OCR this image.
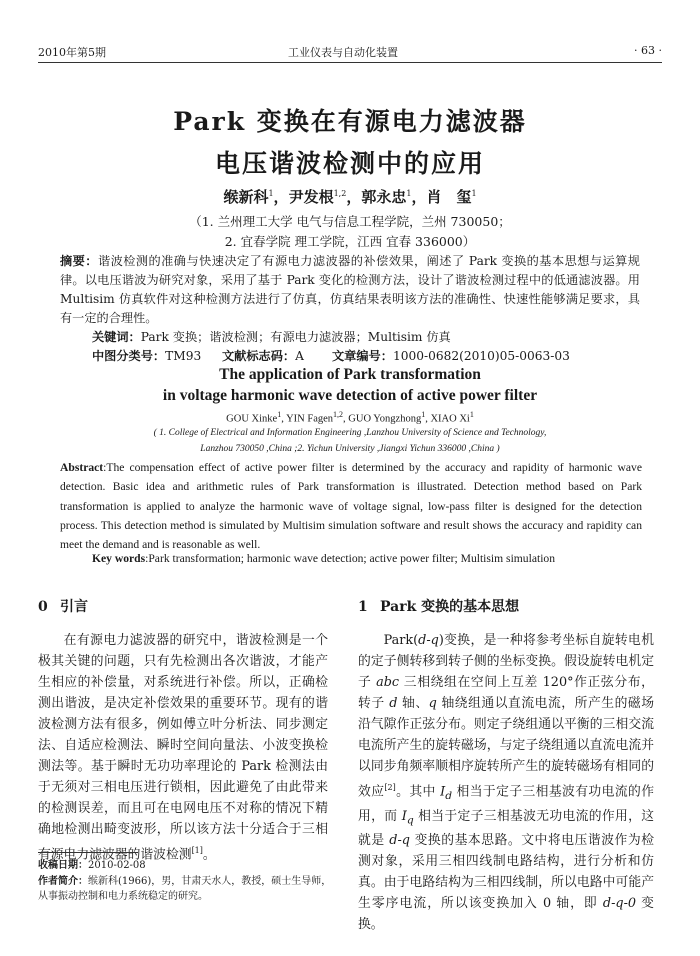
2010年第5期	工业仪表与自动化装置	· 63 ·
Park 变换在有源电力滤波器
电压谐波检测中的应用
缑新科$^1$，尹发根$^{1,2}$，郭永忠$^1$，肖　玺$^1$
（1. 兰州理工大学 电气与信息工程学院，兰州 730050；
2. 宜春学院 理工学院，江西 宜春 336000）
摘要：谐波检测的准确与快速决定了有源电力滤波器的补偿效果，阐述了 Park 变换的基本思想与运算规律。以电压谐波为研究对象，采用了基于 Park 变化的检测方法，设计了谐波检测过程中的低通滤波器。用 Multisim 仿真软件对这种检测方法进行了仿真，仿真结果表明该方法的准确性、快速性能够满足要求，具有一定的合理性。
关键词：Park 变换；谐波检测；有源电力滤波器；Multisim 仿真
中图分类号：TM93 文献标志码：A 文章编号：1000-0682(2010)05-0063-03
The application of Park transformation
in voltage harmonic wave detection of active power filter
GOU Xinke$^1$, YIN Fagen$^{1,2}$, GUO Yongzhong$^1$, XIAO Xi$^1$
( 1. College of Electrical and Information Engineering ,Lanzhou University of Science and Technology,
Lanzhou 730050 ,China ;2. Yichun University ,Jiangxi Yichun 336000 ,China )
Abstract:The compensation effect of active power filter is determined by the accuracy and rapidity of harmonic wave detection. Basic idea and arithmetic rules of Park transformation is illustrated. Detection method based on Park transformation is applied to analyze the harmonic wave of voltage signal, low-pass filter is designed for the detection process. This detection method is simulated by Multisim simulation software and result shows the accuracy and rapidity can meet the demand and is reasonable as well.
Key words:Park transformation; harmonic wave detection; active power filter; Multisim simulation
0 引言

在有源电力滤波器的研究中，谐波检测是一个极其关键的问题，只有先检测出各次谐波，才能产生相应的补偿量，对系统进行补偿。所以，正确检测出谐波，是决定补偿效果的重要环节。现有的谐波检测方法有很多，例如傅立叶分析法、同步测定法、自适应检测法、瞬时空间向量法、小波变换检测法等。基于瞬时无功功率理论的 Park 检测法由于无须对三相电压进行锁相，因此避免了由此带来的检测误差，而且可在电网电压不对称的情况下精确地检测出畸变波形，所以该方法十分适合于三相有源电力滤波器的谐波检测[1]。

1 Park 变换的基本思想

Park(d-q)变换，是一种将参考坐标自旋转电机的定子侧转移到转子侧的坐标变换。假设旋转电机定子 abc 三相绕组在空间上互差 120°作正弦分布，转子 d 轴、q 轴绕组通以直流电流，所产生的磁场沿气隙作正弦分布。则定子绕组通以平衡的三相交流电流所产生的旋转磁场，与定子绕组通以直流电流并以同步角频率顺相序旋转所产生的旋转磁场有相同的效应[2]。其中 $I_d$ 相当于定子三相基波有功电流的作用，而 $I_q$ 相当于定子三相基波无功电流的作用，这就是 d-q 变换的基本思路。文中将电压谐波作为检测对象，采用三相四线制电路结构，进行分析和仿真。由于电路结构为三相四线制，所以电路中可能产生零序电流，所以该变换加入 0 轴，即 d-q-0 变换。

收稿日期：2010-02-08
作者简介：缑新科(1966)，男，甘肃天水人，教授，硕士生导师，从事振动控制和电力系统稳定的研究。
